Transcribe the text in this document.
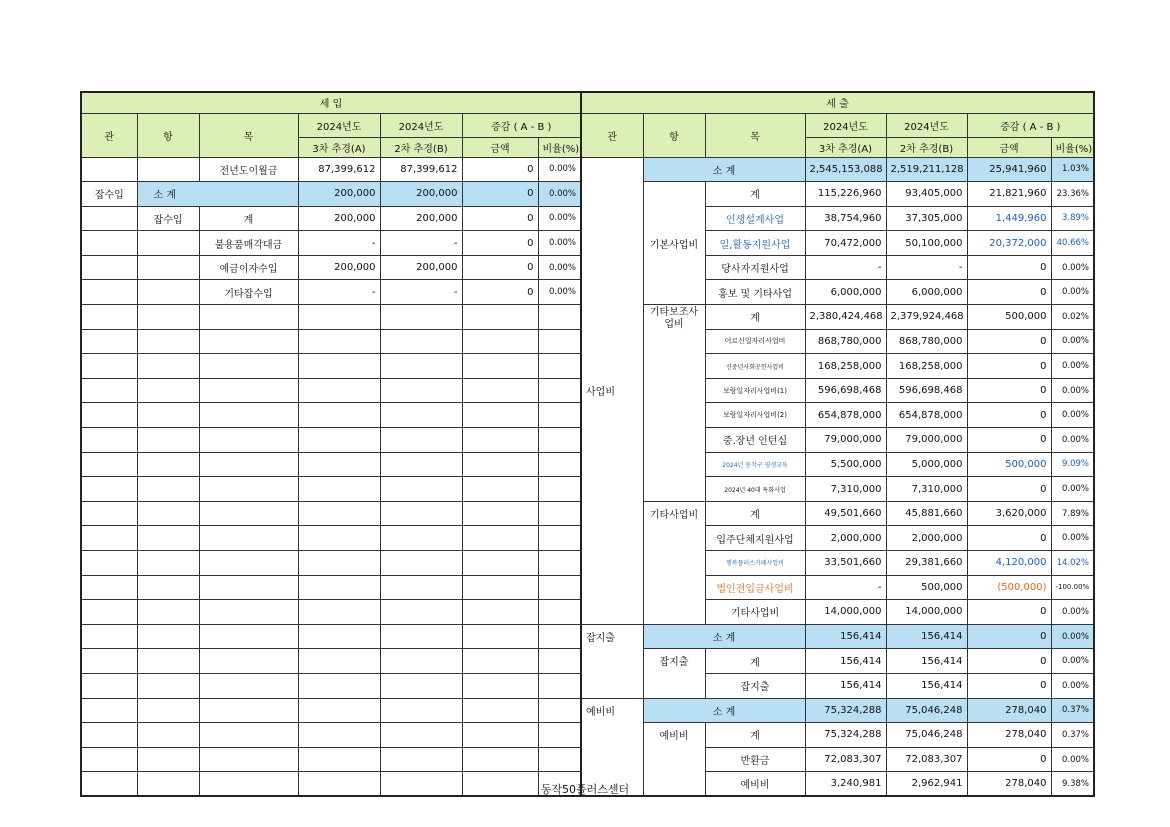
세 입						
관	항	목	2024년도	2024년도	증감 ( A - B )	
			3차 추경(A)	2차 추경(B)	금액	비율(%)
		전년도이월금	87,399,612	87,399,612	0	0.00%
잡수입	소 계		200,000	200,000	0	0.00%
	잡수입	계	200,000	200,000	0	0.00%
		불용품매각대금	-	-	0	0.00%
		예금이자수입	200,000	200,000	0	0.00%
		기타잡수입	-	-	0	0.00%

세 출						
관	항	목	2024년도	2024년도	증감 ( A - B )	
			3차 추경(A)	2차 추경(B)	금액	비율(%)
사업비	소 계		2,545,153,088	2,519,211,128	25,941,960	1.03%
	기본사업비	계	115,226,960	93,405,000	21,821,960	23.36%
		인생설계사업	38,754,960	37,305,000	1,449,960	3.89%
		일,활동지원사업	70,472,000	50,100,000	20,372,000	40.66%
		당사자지원사업	-	-	0	0.00%
		홍보 및 기타사업	6,000,000	6,000,000	0	0.00%
	기타보조사업비	계	2,380,424,468	2,379,924,468	500,000	0.02%
		어르신일자리사업비	868,780,000	868,780,000	0	0.00%
		신중년사회공헌사업비	168,258,000	168,258,000	0	0.00%
		보람일자리사업비(1)	596,698,468	596,698,468	0	0.00%
		보람일자리사업비(2)	654,878,000	654,878,000	0	0.00%
		중.장년 인턴십	79,000,000	79,000,000	0	0.00%
		2024년 동작구 평생교육	5,500,000	5,000,000	500,000	9.09%
		2024년 40대 특화사업	7,310,000	7,310,000	0	0.00%
	기타사업비	계	49,501,660	45,881,660	3,620,000	7.89%
		입주단체지원사업	2,000,000	2,000,000	0	0.00%
		행복플러스카페사업비	33,501,660	29,381,660	4,120,000	14.02%
		법인전입금사업비	-	500,000	(500,000)	-100.00%
		기타사업비	14,000,000	14,000,000	0	0.00%
잡지출	소 계		156,414	156,414	0	0.00%
	잡지출	계	156,414	156,414	0	0.00%
		잡지출	156,414	156,414	0	0.00%
예비비	소 계		75,324,288	75,046,248	278,040	0.37%
	예비비	계	75,324,288	75,046,248	278,040	0.37%
		반환금	72,083,307	72,083,307	0	0.00%
		예비비	3,240,981	2,962,941	278,040	9.38%
동작50플러스센터
